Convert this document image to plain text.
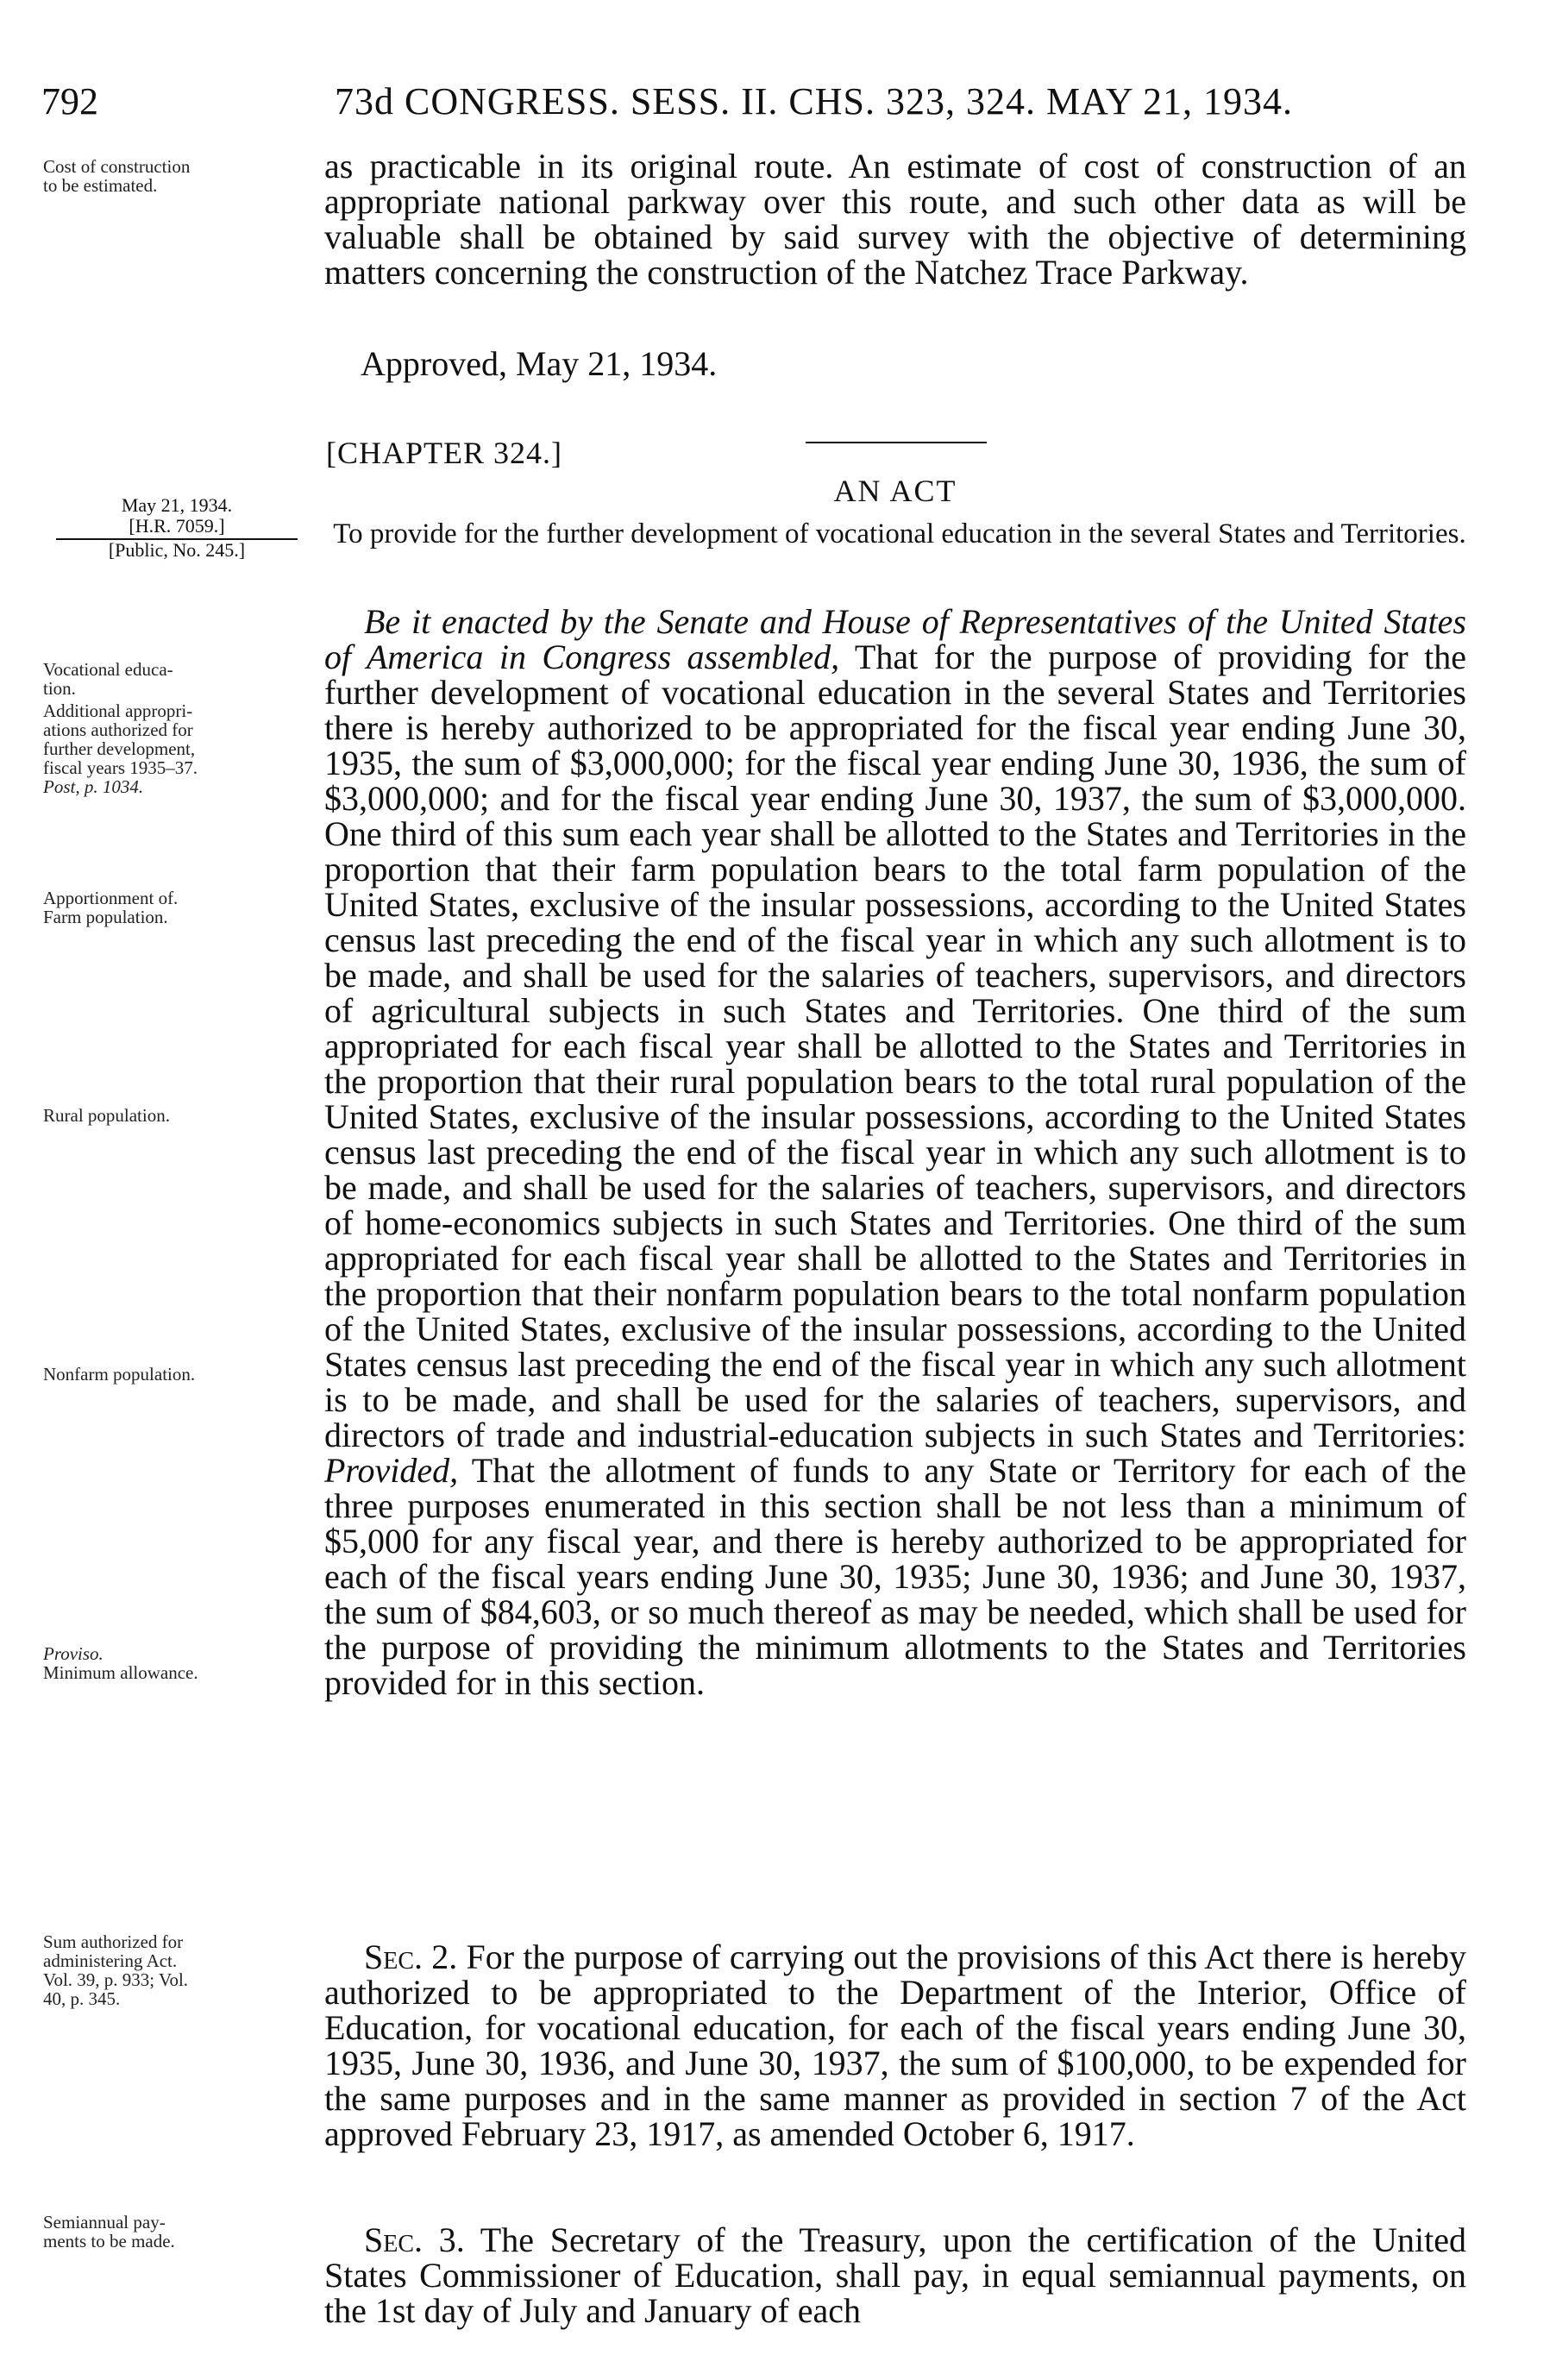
792	73d CONGRESS. SESS. II. CHS. 323, 324. MAY 21, 1934.
Cost of construction
to be estimated.
May 21, 1934.
[H.R. 7059.]
[Public, No. 245.]
Vocational educa-
tion.
Additional appropri-
ations authorized for
further development,
fiscal years 1935–37.
Post, p. 1034.
Apportionment of.
Farm population.
Rural population.
Nonfarm population.
Proviso.
Minimum allowance.
Sum authorized for
administering Act.
Vol. 39, p. 933; Vol.
40, p. 345.
Semiannual pay-
ments to be made.

as practicable in its original route. An estimate of cost of construction of an appropriate national parkway over this route, and such other data as will be valuable shall be obtained by said survey with the objective of determining matters concerning the construction of the Natchez Trace Parkway.

Approved, May 21, 1934.
[CHAPTER 324.]
AN ACT
To provide for the further development of vocational education in the several States and Territories.

Be it enacted by the Senate and House of Representatives of the United States of America in Congress assembled, That for the purpose of providing for the further development of vocational education in the several States and Territories there is hereby authorized to be appropriated for the fiscal year ending June 30, 1935, the sum of $3,000,000; for the fiscal year ending June 30, 1936, the sum of $3,000,000; and for the fiscal year ending June 30, 1937, the sum of $3,000,000. One third of this sum each year shall be allotted to the States and Territories in the proportion that their farm population bears to the total farm population of the United States, exclusive of the insular possessions, according to the United States census last preceding the end of the fiscal year in which any such allotment is to be made, and shall be used for the salaries of teachers, supervisors, and directors of agricultural subjects in such States and Territories. One third of the sum appropriated for each fiscal year shall be allotted to the States and Territories in the proportion that their rural population bears to the total rural population of the United States, exclusive of the insular possessions, according to the United States census last preceding the end of the fiscal year in which any such allotment is to be made, and shall be used for the salaries of teachers, supervisors, and directors of home-economics subjects in such States and Territories. One third of the sum appropriated for each fiscal year shall be allotted to the States and Territories in the proportion that their nonfarm population bears to the total nonfarm population of the United States, exclusive of the insular possessions, according to the United States census last preceding the end of the fiscal year in which any such allotment is to be made, and shall be used for the salaries of teachers, supervisors, and directors of trade and industrial-education subjects in such States and Territories: Provided, That the allotment of funds to any State or Territory for each of the three purposes enumerated in this section shall be not less than a minimum of $5,000 for any fiscal year, and there is hereby authorized to be appropriated for each of the fiscal years ending June 30, 1935; June 30, 1936; and June 30, 1937, the sum of $84,603, or so much thereof as may be needed, which shall be used for the purpose of providing the minimum allotments to the States and Territories provided for in this section.

Sec. 2. For the purpose of carrying out the provisions of this Act there is hereby authorized to be appropriated to the Department of the Interior, Office of Education, for vocational education, for each of the fiscal years ending June 30, 1935, June 30, 1936, and June 30, 1937, the sum of $100,000, to be expended for the same purposes and in the same manner as provided in section 7 of the Act approved February 23, 1917, as amended October 6, 1917.

Sec. 3. The Secretary of the Treasury, upon the certification of the United States Commissioner of Education, shall pay, in equal semiannual payments, on the 1st day of July and January of each
